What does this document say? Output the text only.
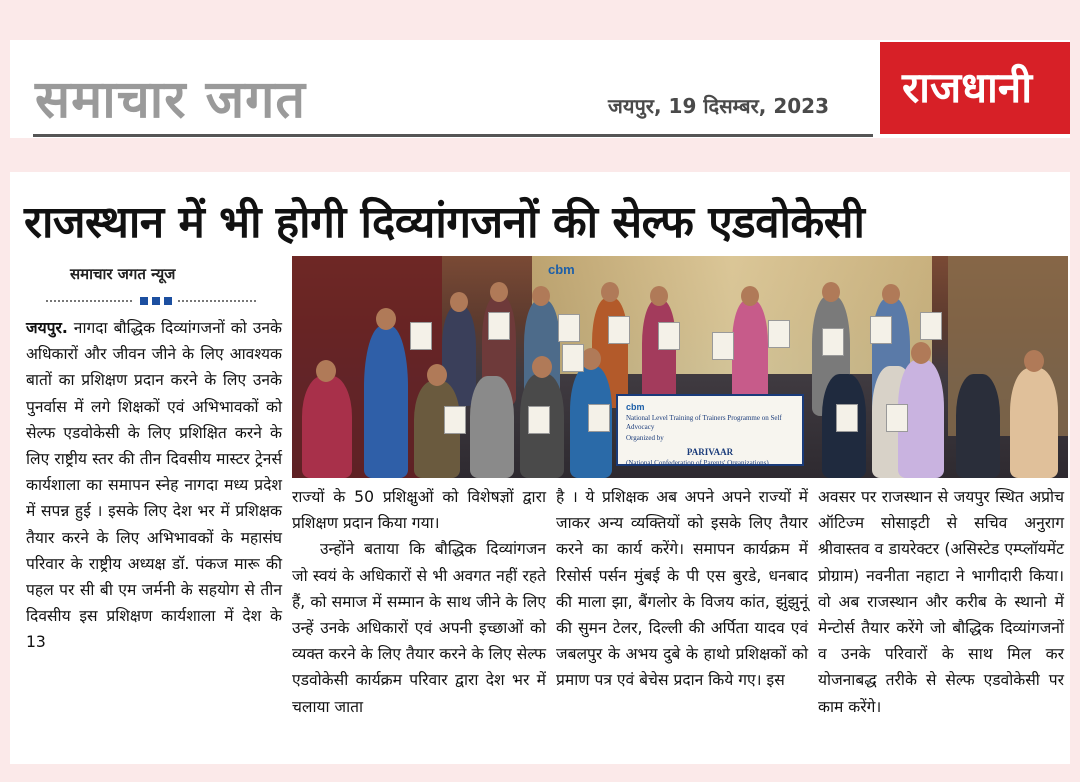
समाचार जगत	जयपुर, 19 दिसम्बर, 2023	राजधानी
राजस्थान में भी होगी दिव्यांगजनों की सेल्फ एडवोकेसी
समाचार जगत न्यूज

जयपुर. नागदा बौद्धिक दिव्यांगजनों को उनके अधिकारों और जीवन जीने के लिए आवश्यक बातों का प्रशिक्षण प्रदान करने के लिए उनके पुनर्वास में लगे शिक्षकों एवं अभिभावकों को सेल्फ एडवोकेसी के लिए प्रशिक्षित करने के लिए राष्ट्रीय स्तर की तीन दिवसीय मास्टर ट्रेनर्स कार्यशाला का समापन स्नेह नागदा मध्य प्रदेश में सपन्न हुई । इसके लिए देश भर में प्रशिक्षक तैयार करने के लिए अभिभावकों के महासंघ परिवार के राष्ट्रीय अध्यक्ष डॉ. पंकज मारू की पहल पर सी बी एम जर्मनी के सहयोग से तीन दिवसीय इस प्रशिक्षण कार्यशाला में देश के 13

cbm
cbm
National Level Training of Trainers Programme on Self Advocacy
Organized by
PARIVAAR
(National Confederation of Parents' Organizations)

राज्यों के 50 प्रशिक्षुओं को विशेषज्ञों द्वारा प्रशिक्षण प्रदान किया गया।

उन्होंने बताया कि बौद्धिक दिव्यांगजन जो स्वयं के अधिकारों से भी अवगत नहीं रहते हैं, को समाज में सम्मान के साथ जीने के लिए उन्हें उनके अधिकारों एवं अपनी इच्छाओं को व्यक्त करने के लिए तैयार करने के लिए सेल्फ एडवोकेसी कार्यक्रम परिवार द्वारा देश भर में चलाया जाता

है । ये प्रशिक्षक अब अपने अपने राज्यों में जाकर अन्य व्यक्तियों को इसके लिए तैयार करने का कार्य करेंगे। समापन कार्यक्रम में रिसोर्स पर्सन मुंबई के पी एस बुरडे, धनबाद की माला झा, बैंगलोर के विजय कांत, झुंझुनूं की सुमन टेलर, दिल्ली की अर्पिता यादव एवं जबलपुर के अभय दुबे के हाथो प्रशिक्षकों को प्रमाण पत्र एवं बेचेस प्रदान किये गए। इस

अवसर पर राजस्थान से जयपुर स्थित अप्रोच ऑटिज्म सोसाइटी से सचिव अनुराग श्रीवास्तव व डायरेक्टर (असिस्टेड एम्प्लॉयमेंट प्रोग्राम) नवनीता नहाटा ने भागीदारी किया। वो अब राजस्थान और करीब के स्थानो में मेन्टोर्स तैयार करेंगे जो बौद्धिक दिव्यांगजनों व उनके परिवारों के साथ मिल कर योजनाबद्ध तरीके से सेल्फ एडवोकेसी पर काम करेंगे।
